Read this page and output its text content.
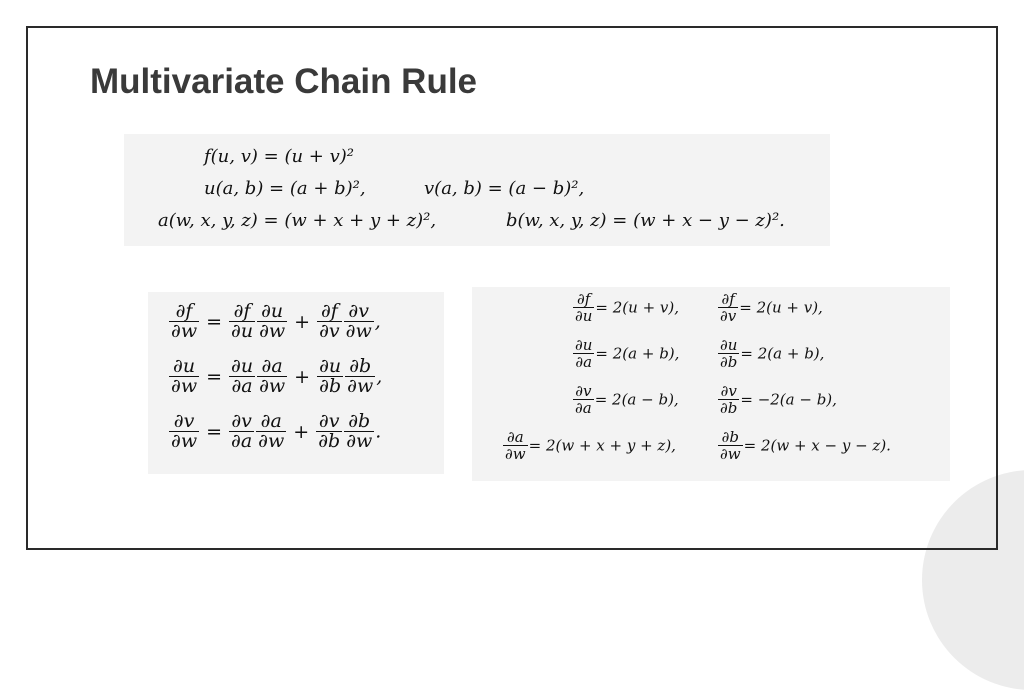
Multivariate Chain Rule
f(u, v) = (u + v)²
u(a, b) = (a + b)²,	v(a, b) = (a − b)²,
a(w, x, y, z) = (w + x + y + z)²,	b(w, x, y, z) = (w + x − y − z)².
$\frac{\partial f}{\partial w} = \frac{\partial f}{\partial u} \frac{\partial u}{\partial w} + \frac{\partial f}{\partial v} \frac{\partial v}{\partial w}$ ,
$\frac{\partial u}{\partial w} = \frac{\partial u}{\partial a} \frac{\partial a}{\partial w} + \frac{\partial u}{\partial b} \frac{\partial b}{\partial w}$ ,
$\frac{\partial v}{\partial w} = \frac{\partial v}{\partial a} \frac{\partial a}{\partial w} + \frac{\partial v}{\partial b} \frac{\partial b}{\partial w}$ .
$\frac{\partial f}{\partial u} = 2(u + v)$,	$\frac{\partial f}{\partial v} = 2(u + v)$,
$\frac{\partial u}{\partial a} = 2(a + b)$,	$\frac{\partial u}{\partial b} = 2(a + b)$,
$\frac{\partial v}{\partial a} = 2(a - b)$,	$\frac{\partial v}{\partial b} = -2(a - b)$,
$\frac{\partial a}{\partial w} = 2(w + x + y + z)$,	$\frac{\partial b}{\partial w} = 2(w + x - y - z)$.
